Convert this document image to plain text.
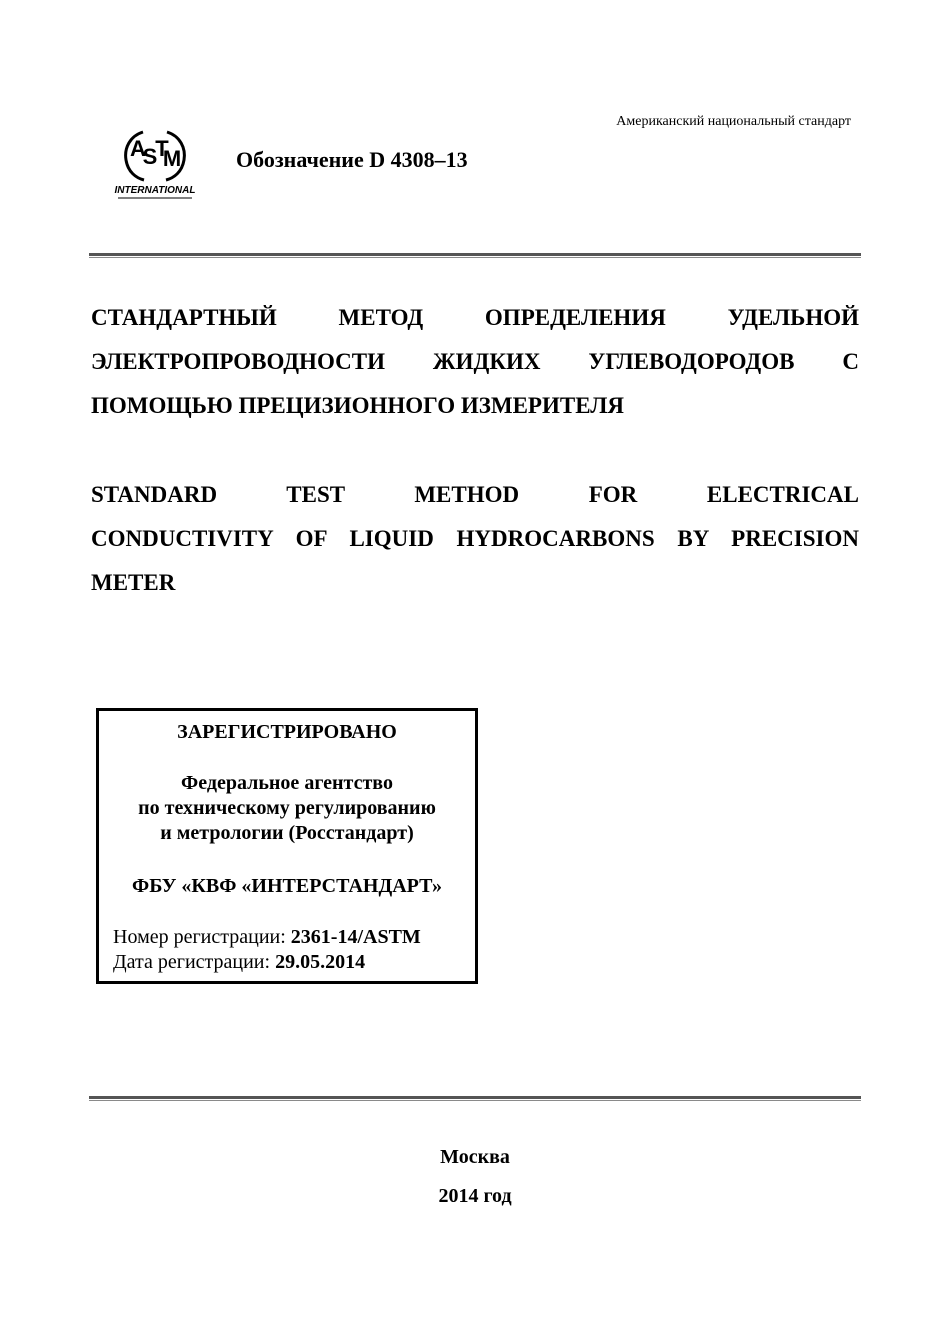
Американский национальный стандарт
A
S
T
M
INTERNATIONAL
Обозначение D 4308–13
СТАНДАРТНЫЙ МЕТОД ОПРЕДЕЛЕНИЯ УДЕЛЬНОЙ
ЭЛЕКТРОПРОВОДНОСТИ ЖИДКИХ УГЛЕВОДОРОДОВ С
ПОМОЩЬЮ ПРЕЦИЗИОННОГО ИЗМЕРИТЕЛЯ
STANDARD TEST METHOD FOR ELECTRICAL
CONDUCTIVITY OF LIQUID HYDROCARBONS BY PRECISION
METER
ЗАРЕГИСТРИРОВАНО
Федеральное агентство
по техническому регулированию
и метрологии (Росстандарт)
ФБУ «КВФ «ИНТЕРСТАНДАРТ»
Номер регистрации: 2361-14/ASTM
Дата регистрации: 29.05.2014
Москва
2014 год
